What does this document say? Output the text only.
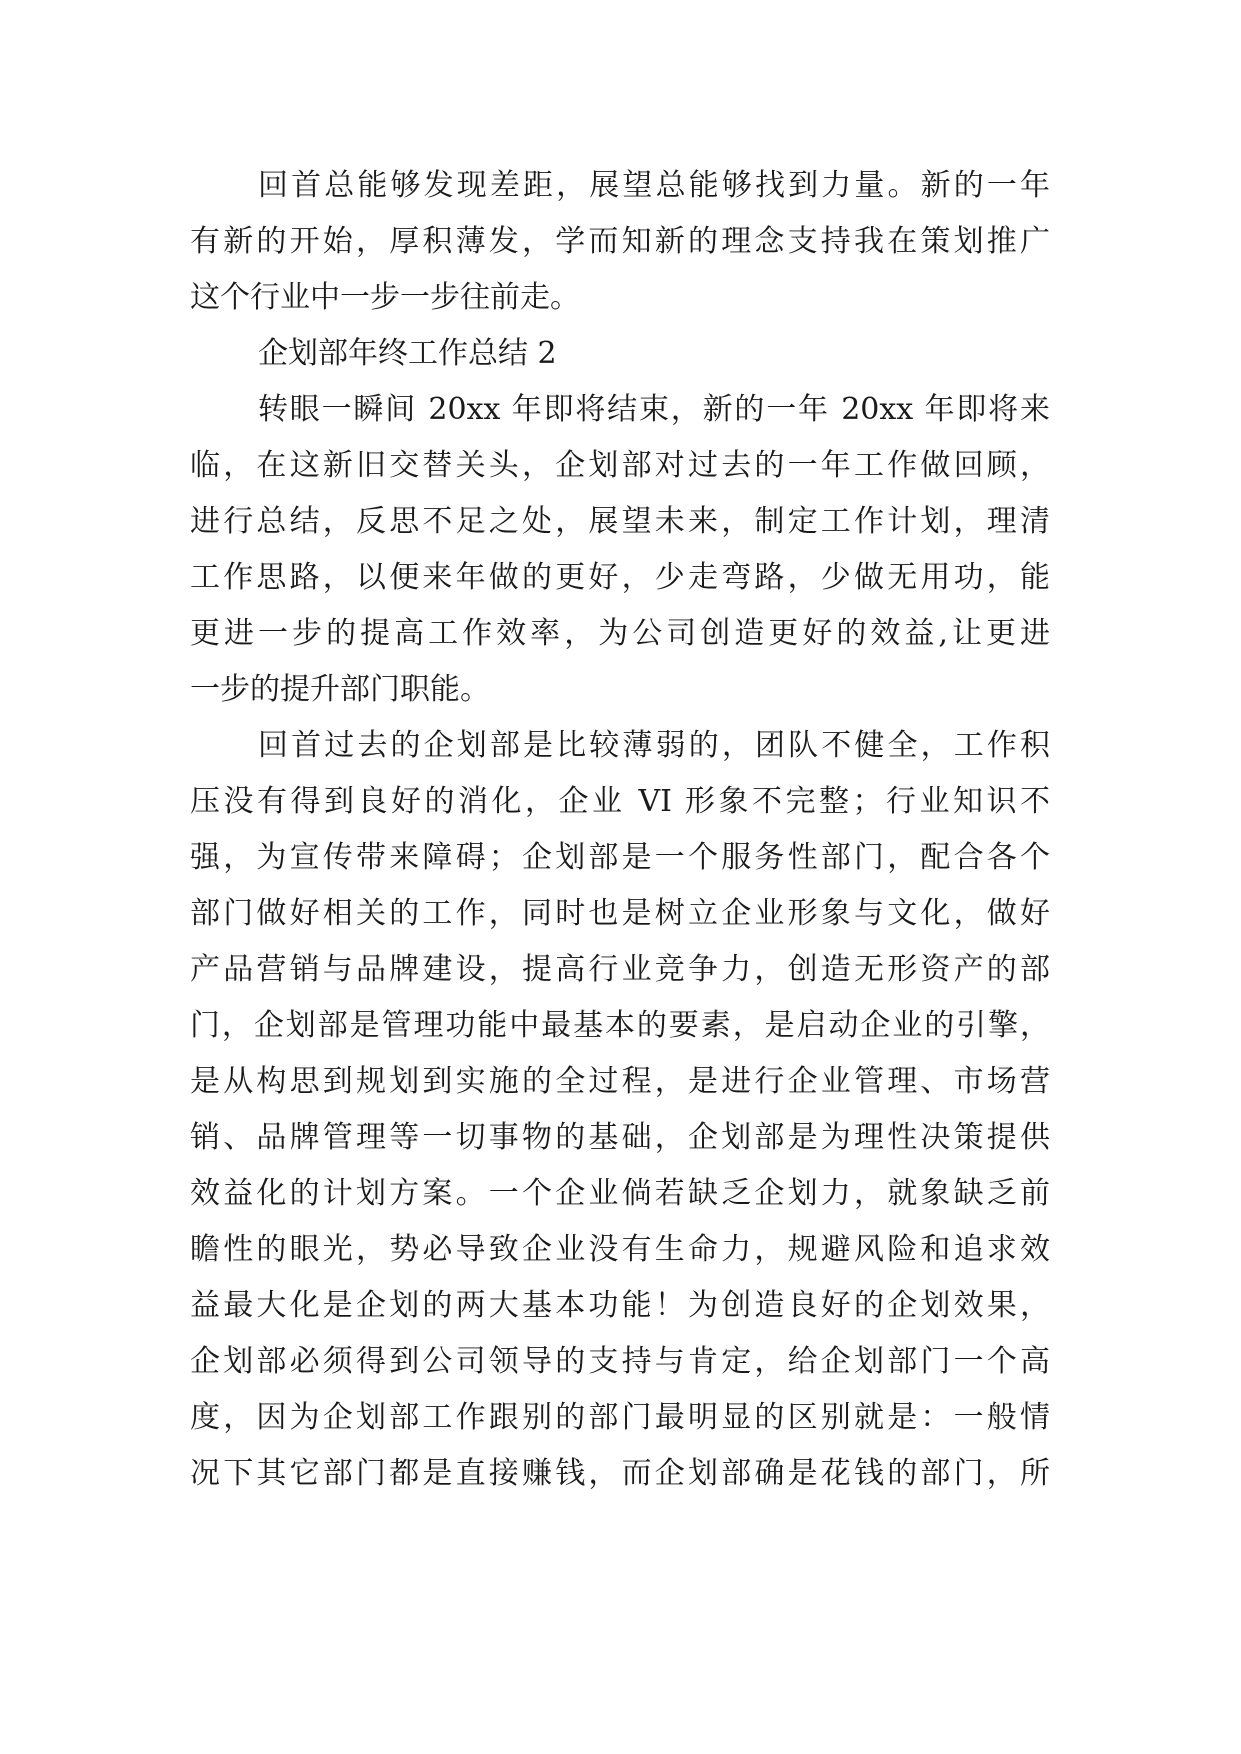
回首总能够发现差距，展望总能够找到力量。新的一年
有新的开始，厚积薄发，学而知新的理念支持我在策划推广
这个行业中一步一步往前走。
企划部年终工作总结 2
转眼一瞬间 20xx 年即将结束，新的一年 20xx 年即将来
临，在这新旧交替关头，企划部对过去的一年工作做回顾，
进行总结，反思不足之处，展望未来，制定工作计划，理清
工作思路，以便来年做的更好，少走弯路，少做无用功，能
更进一步的提高工作效率，为公司创造更好的效益,让更进
一步的提升部门职能。
回首过去的企划部是比较薄弱的，团队不健全，工作积
压没有得到良好的消化，企业 VI 形象不完整；行业知识不
强，为宣传带来障碍；企划部是一个服务性部门，配合各个
部门做好相关的工作，同时也是树立企业形象与文化，做好
产品营销与品牌建设，提高行业竞争力，创造无形资产的部
门，企划部是管理功能中最基本的要素，是启动企业的引擎，
是从构思到规划到实施的全过程，是进行企业管理、市场营
销、品牌管理等一切事物的基础，企划部是为理性决策提供
效益化的计划方案。一个企业倘若缺乏企划力，就象缺乏前
瞻性的眼光，势必导致企业没有生命力，规避风险和追求效
益最大化是企划的两大基本功能！为创造良好的企划效果，
企划部必须得到公司领导的支持与肯定，给企划部门一个高
度，因为企划部工作跟别的部门最明显的区别就是：一般情
况下其它部门都是直接赚钱，而企划部确是花钱的部门，所
